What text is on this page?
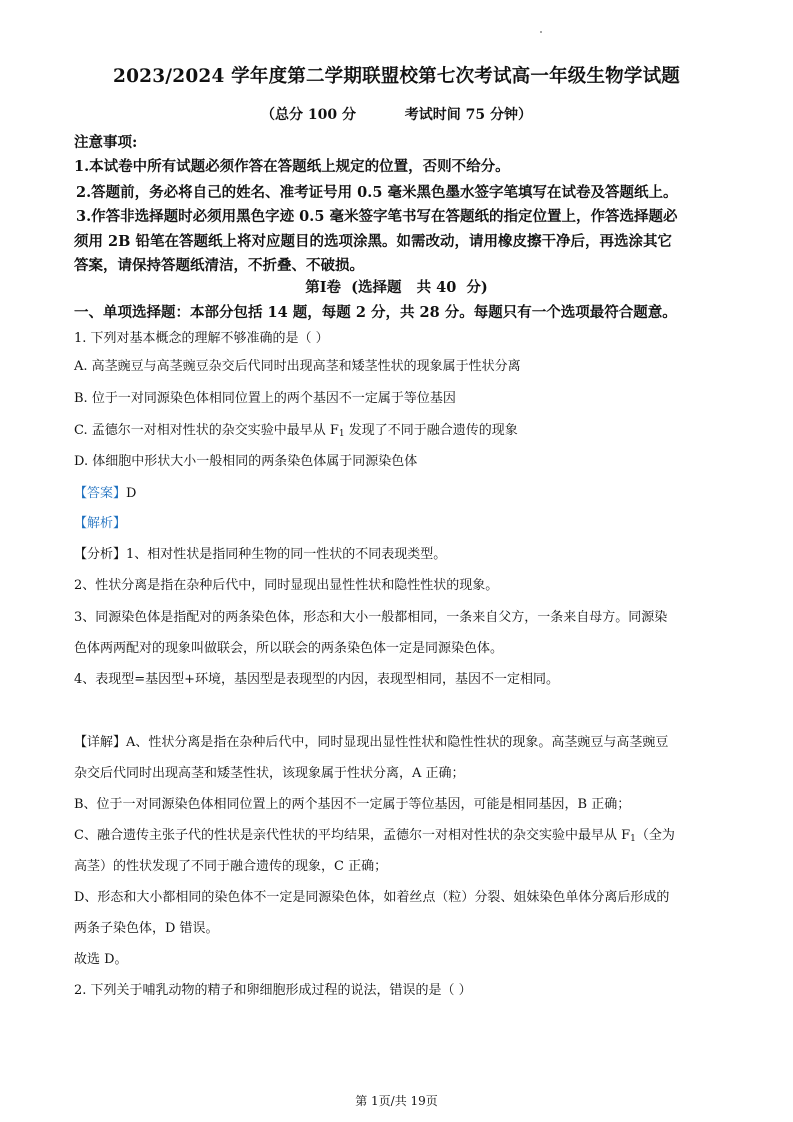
2023/2024 学年度第二学期联盟校第七次考试高一年级生物学试题
（总分 100 分          考试时间 75 分钟）
注意事项:
1.本试卷中所有试题必须作答在答题纸上规定的位置，否则不给分。
2.答题前，务必将自己的姓名、准考证号用 0.5 毫米黑色墨水签字笔填写在试卷及答题纸上。
3.作答非选择题时必须用黑色字迹 0.5 毫米签字笔书写在答题纸的指定位置上，作答选择题必
须用 2B 铅笔在答题纸上将对应题目的选项涂黑。如需改动，请用橡皮擦干净后，再选涂其它
答案，请保持答题纸清洁，不折叠、不破损。
第Ⅰ卷  (选择题   共 40  分)
一、单项选择题：本部分包括 14 题，每题 2 分，共 28 分。每题只有一个选项最符合题意。
1. 下列对基本概念的理解不够准确的是（ ）
A. 高茎豌豆与高茎豌豆杂交后代同时出现高茎和矮茎性状的现象属于性状分离
B. 位于一对同源染色体相同位置上的两个基因不一定属于等位基因
C. 孟德尔一对相对性状的杂交实验中最早从 $F_1$ 发现了不同于融合遗传的现象
D. 体细胞中形状大小一般相同的两条染色体属于同源染色体
【答案】D
【解析】
【分析】1、相对性状是指同种生物的同一性状的不同表现类型。
2、性状分离是指在杂种后代中，同时显现出显性性状和隐性性状的现象。
3、同源染色体是指配对的两条染色体，形态和大小一般都相同，一条来自父方，一条来自母方。同源染
色体两两配对的现象叫做联会，所以联会的两条染色体一定是同源染色体。
4、表现型=基因型+环境，基因型是表现型的内因，表现型相同，基因不一定相同。
【详解】A、性状分离是指在杂种后代中，同时显现出显性性状和隐性性状的现象。高茎豌豆与高茎豌豆
杂交后代同时出现高茎和矮茎性状，该现象属于性状分离，A 正确；
B、位于一对同源染色体相同位置上的两个基因不一定属于等位基因，可能是相同基因，B 正确；
C、融合遗传主张子代的性状是亲代性状的平均结果，孟德尔一对相对性状的杂交实验中最早从 $F_1$（全为
高茎）的性状发现了不同于融合遗传的现象，C 正确；
D、形态和大小都相同的染色体不一定是同源染色体，如着丝点（粒）分裂、姐妹染色单体分离后形成的
两条子染色体，D 错误。
故选 D。
2. 下列关于哺乳动物的精子和卵细胞形成过程的说法，错误的是（ ）
第 1页/共 19页
